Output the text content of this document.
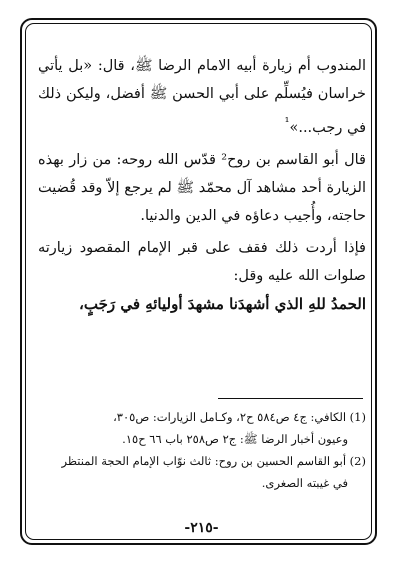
المندوب أم زيارة أبيه الامام الرضا ﷺ، قال: «بل يأتي خراسان فيُسلِّم على أبي الحسن ﷺ أفضل، وليكن ذلك في رجب...»$^{^1}$

قال أبو القاسم بن روح² قدّس الله روحه: من زار بهذه الزيارة أحد مشاهد آل محمّد ﷺ لم يرجع إلاّ وقد قُضيت حاجته، وأُجيب دعاؤه في الدين والدنيا.

فإذا أردت ذلك فقف على قبر الإمام المقصود زيارته صلوات الله عليه وقل:

الحمدُ للهِ الذي أشهدَنا مشهدَ أوليائهِ في رَجَبٍ،

(1) الكافي: ج٤ ص٥٨٤ ح٢، وكـامل الزيارات: ص٣٠٥،

وعيون أخبار الرضا ﷺ: ج٢ ص٢٥٨ باب ٦٦ ح١٥.

(2) أبو القاسم الحسين بن روح: ثالث نوّاب الإمام الحجة المنتظر

في غيبته الصغرى.

-٢١٥-
